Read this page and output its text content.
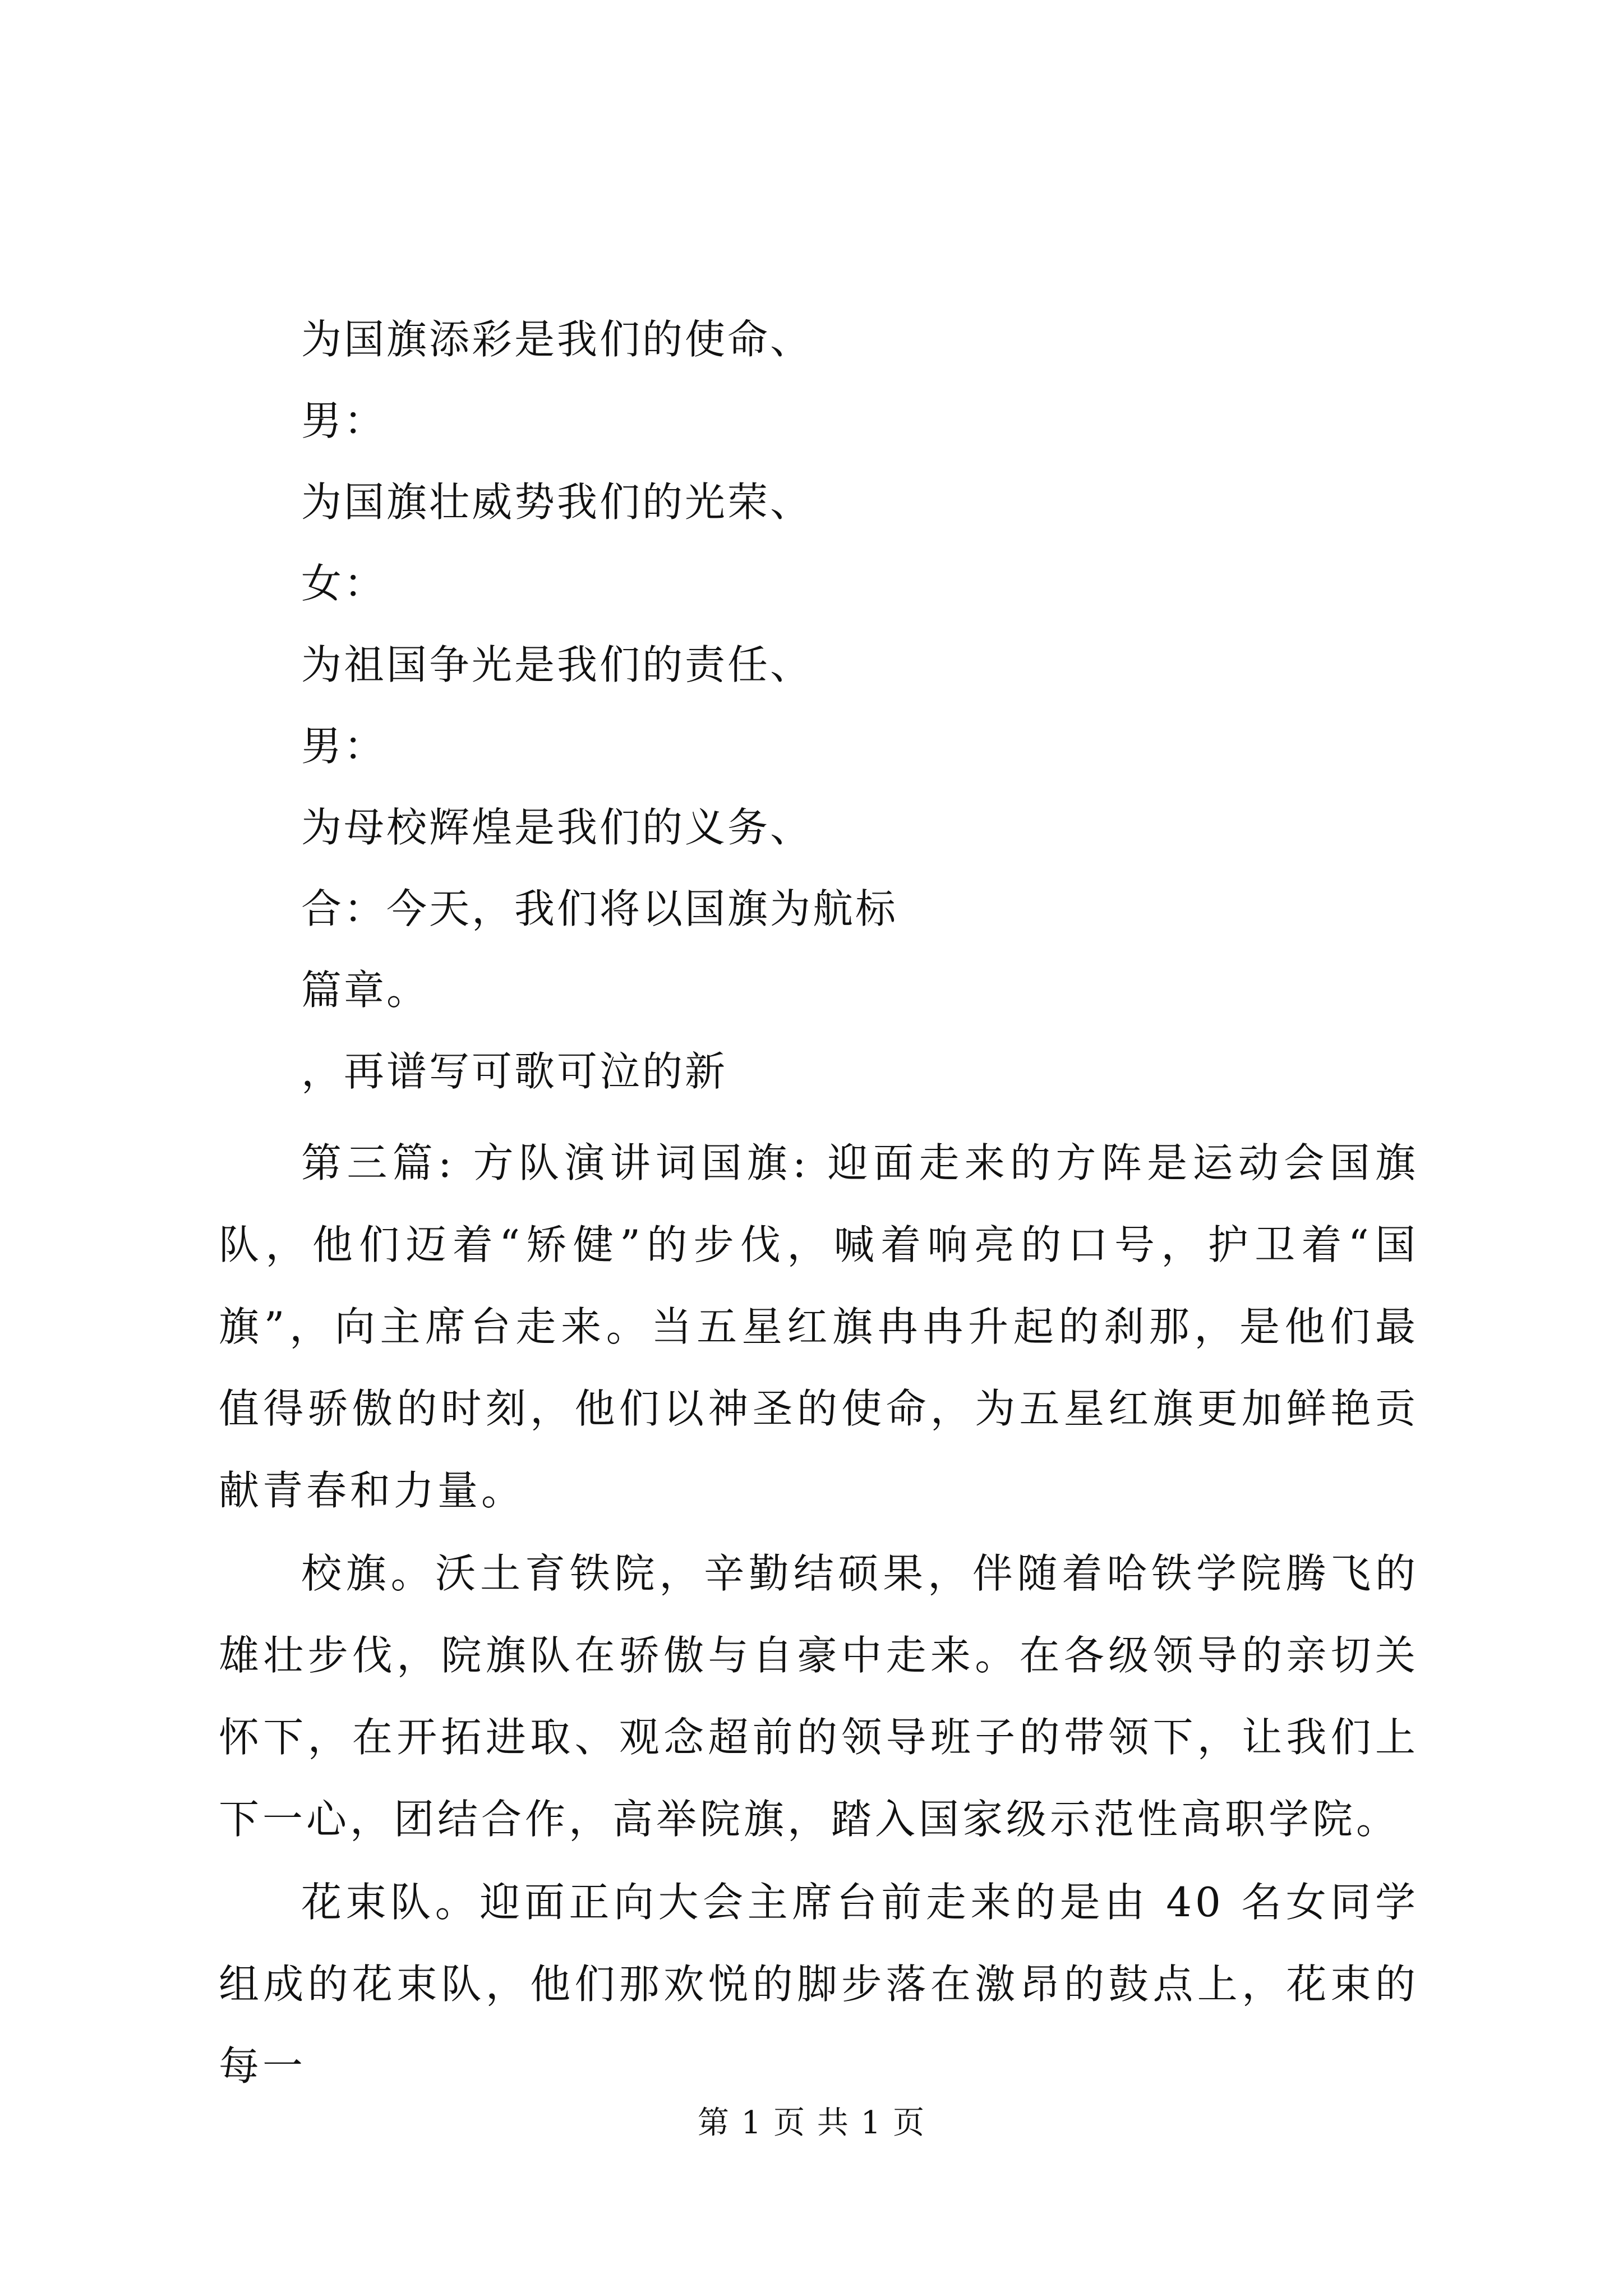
为国旗添彩是我们的使命、
男：
为国旗壮威势我们的光荣、
女：
为祖国争光是我们的责任、
男：
为母校辉煌是我们的义务、
合：今天，我们将以国旗为航标
篇章。
，再谱写可歌可泣的新

第三篇: 方队演讲词国旗: 迎面走来的方阵是运动会国旗队，他们迈着“矫健”的步伐，喊着响亮的口号，护卫着“国旗”，向主席台走来。当五星红旗冉冉升起的刹那，是他们最值得骄傲的时刻，他们以神圣的使命，为五星红旗更加鲜艳贡献青春和力量。

校旗。沃土育铁院，辛勤结硕果，伴随着哈铁学院腾飞的雄壮步伐，院旗队在骄傲与自豪中走来。在各级领导的亲切关怀下，在开拓进取、观念超前的领导班子的带领下，让我们上下一心，团结合作，高举院旗，踏入国家级示范性高职学院。

花束队。迎面正向大会主席台前走来的是由 40 名女同学组成的花束队，他们那欢悦的脚步落在激昂的鼓点上，花束的每一

第 1 页 共 1 页
